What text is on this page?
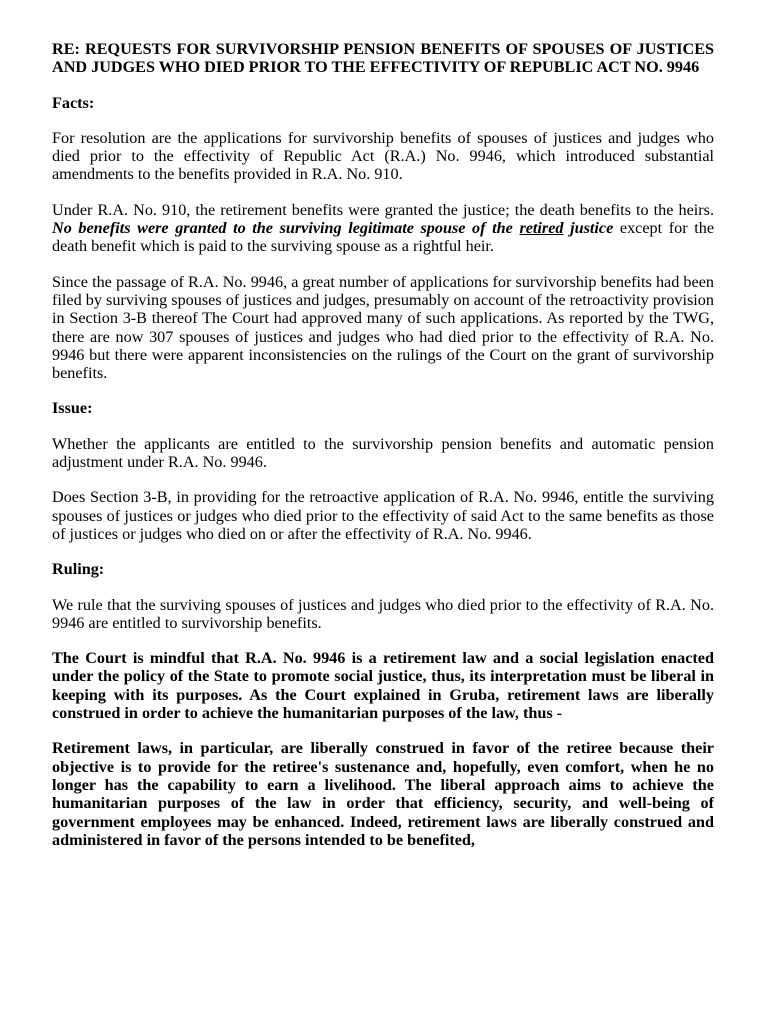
RE: REQUESTS FOR SURVIVORSHIP PENSION BENEFITS OF SPOUSES OF JUSTICES AND JUDGES WHO DIED PRIOR TO THE EFFECTIVITY OF REPUBLIC ACT NO. 9946

Facts:

For resolution are the applications for survivorship benefits of spouses of justices and judges who died prior to the effectivity of Republic Act (R.A.) No. 9946, which introduced substantial amendments to the benefits provided in R.A. No. 910.

Under R.A. No. 910, the retirement benefits were granted the justice; the death benefits to the heirs. No benefits were granted to the surviving legitimate spouse of the retired justice except for the death benefit which is paid to the surviving spouse as a rightful heir.

Since the passage of R.A. No. 9946, a great number of applications for survivorship benefits had been filed by surviving spouses of justices and judges, presumably on account of the retroactivity provision in Section 3-B thereof The Court had approved many of such applications. As reported by the TWG, there are now 307 spouses of justices and judges who had died prior to the effectivity of R.A. No. 9946 but there were apparent inconsistencies on the rulings of the Court on the grant of survivorship benefits.

Issue:

Whether the applicants are entitled to the survivorship pension benefits and automatic pension adjustment under R.A. No. 9946.

Does Section 3-B, in providing for the retroactive application of R.A. No. 9946, entitle the surviving spouses of justices or judges who died prior to the effectivity of said Act to the same benefits as those of justices or judges who died on or after the effectivity of R.A. No. 9946.

Ruling:

We rule that the surviving spouses of justices and judges who died prior to the effectivity of R.A. No. 9946 are entitled to survivorship benefits.

The Court is mindful that R.A. No. 9946 is a retirement law and a social legislation enacted under the policy of the State to promote social justice, thus, its interpretation must be liberal in keeping with its purposes. As the Court explained in Gruba, retirement laws are liberally construed in order to achieve the humanitarian purposes of the law, thus -

Retirement laws, in particular, are liberally construed in favor of the retiree because their objective is to provide for the retiree's sustenance and, hopefully, even comfort, when he no longer has the capability to earn a livelihood. The liberal approach aims to achieve the humanitarian purposes of the law in order that efficiency, security, and well-being of government employees may be enhanced. Indeed, retirement laws are liberally construed and administered in favor of the persons intended to be benefited,
